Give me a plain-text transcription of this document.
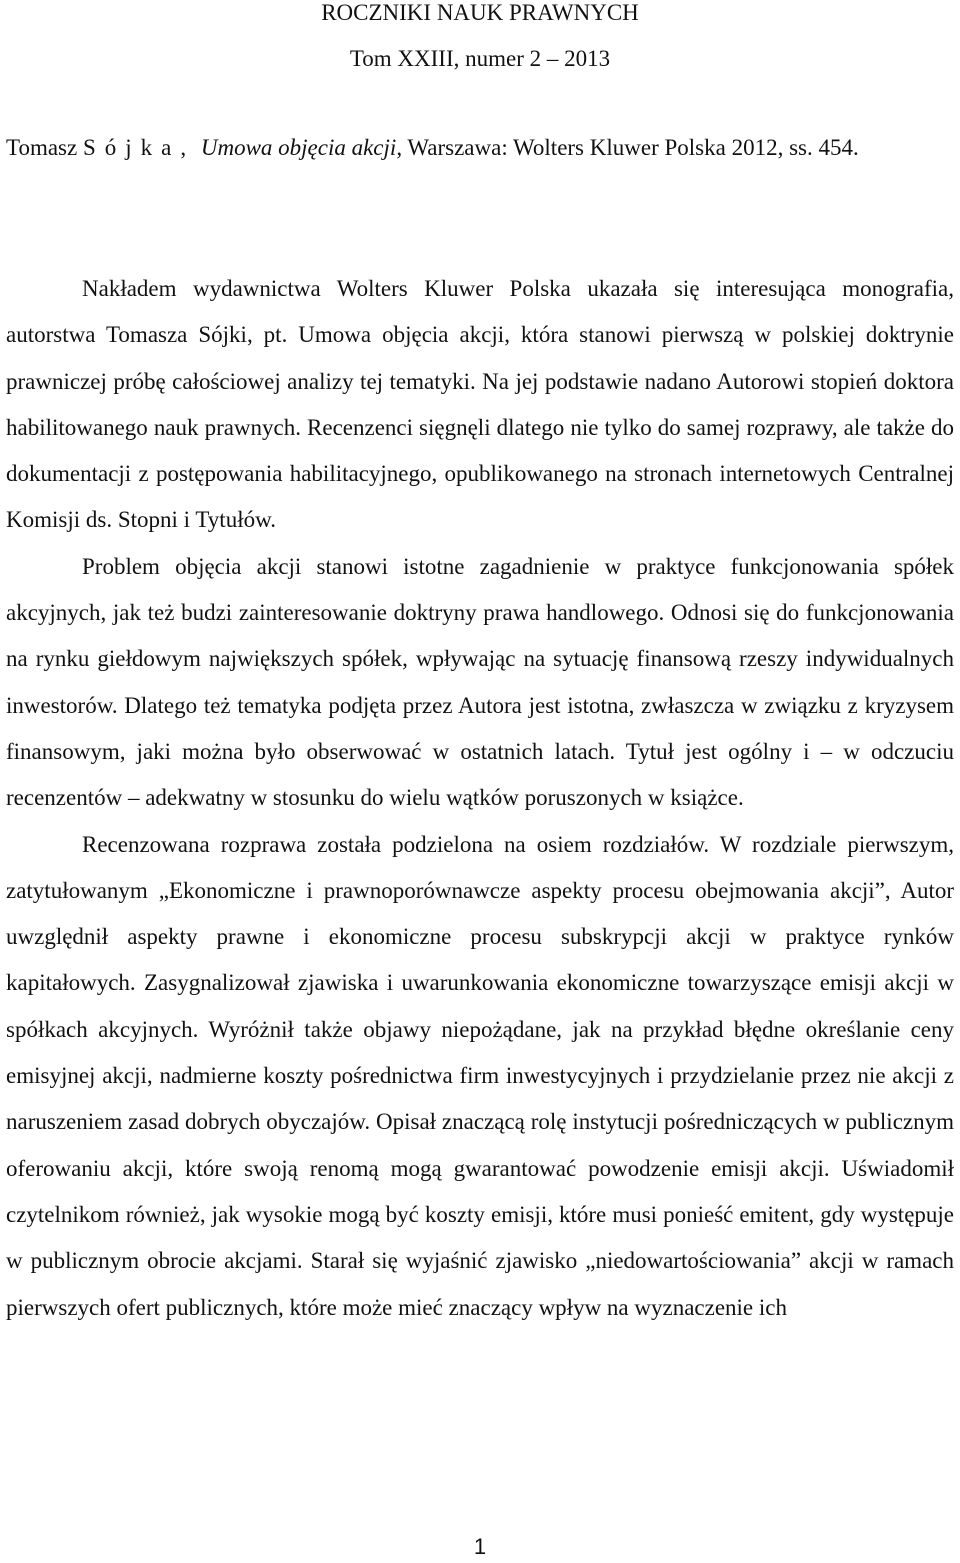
ROCZNIKI NAUK PRAWNYCH
Tom XXIII, numer 2 – 2013
Tomasz Sójka, Umowa objęcia akcji, Warszawa: Wolters Kluwer Polska 2012, ss. 454.

Nakładem wydawnictwa Wolters Kluwer Polska ukazała się interesująca monografia, autorstwa Tomasza Sójki, pt. Umowa objęcia akcji, która stanowi pierwszą w polskiej doktrynie prawniczej próbę całościowej analizy tej tematyki. Na jej podstawie nadano Autorowi stopień doktora habilitowanego nauk prawnych. Recenzenci sięgnęli dlatego nie tylko do samej rozprawy, ale także do dokumentacji z postępowania habilitacyjnego, opublikowanego na stronach internetowych Centralnej Komisji ds. Stopni i Tytułów.

Problem objęcia akcji stanowi istotne zagadnienie w praktyce funkcjonowania spółek akcyjnych, jak też budzi zainteresowanie doktryny prawa handlowego. Odnosi się do funkcjonowania na rynku giełdowym największych spółek, wpływając na sytuację finansową rzeszy indywidualnych inwestorów. Dlatego też tematyka podjęta przez Autora jest istotna, zwłaszcza w związku z kryzysem finansowym, jaki można było obserwować w ostatnich latach. Tytuł jest ogólny i – w odczuciu recenzentów – adekwatny w stosunku do wielu wątków poruszonych w książce.

Recenzowana rozprawa została podzielona na osiem rozdziałów. W rozdziale pierwszym, zatytułowanym „Ekonomiczne i prawnoporównawcze aspekty procesu obejmowania akcji”, Autor uwzględnił aspekty prawne i ekonomiczne procesu subskrypcji akcji w praktyce rynków kapitałowych. Zasygnalizował zjawiska i uwarunkowania ekonomiczne towarzyszące emisji akcji w spółkach akcyjnych. Wyróżnił także objawy niepożądane, jak na przykład błędne określanie ceny emisyjnej akcji, nadmierne koszty pośrednictwa firm inwestycyjnych i przydzielanie przez nie akcji z naruszeniem zasad dobrych obyczajów. Opisał znaczącą rolę instytucji pośredniczących w publicznym oferowaniu akcji, które swoją renomą mogą gwarantować powodzenie emisji akcji. Uświadomił czytelnikom również, jak wysokie mogą być koszty emisji, które musi ponieść emitent, gdy występuje w publicznym obrocie akcjami. Starał się wyjaśnić zjawisko „niedowartościowania” akcji w ramach pierwszych ofert publicznych, które może mieć znaczący wpływ na wyznaczenie ich

1
